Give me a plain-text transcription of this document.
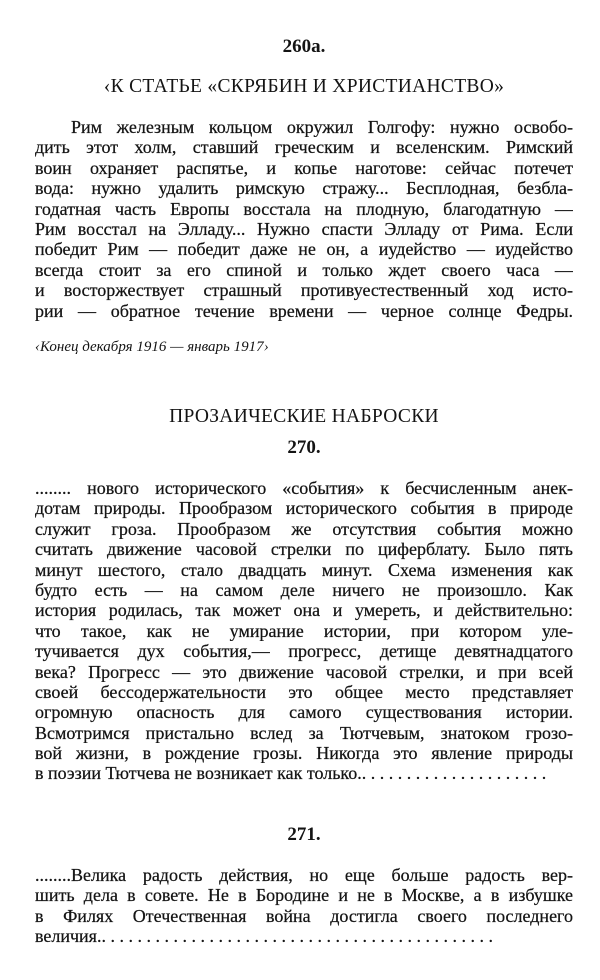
260а.
‹К СТАТЬЕ «СКРЯБИН И ХРИСТИАНСТВО»
Рим железным кольцом окружил Голгофу: нужно освобо-
дить этот холм, ставший греческим и вселенским. Римский
воин охраняет распятье, и копье наготове: сейчас потечет
вода: нужно удалить римскую стражу... Бесплодная, безбла-
годатная часть Европы восстала на плодную, благодатную —
Рим восстал на Элладу... Нужно спасти Элладу от Рима. Если
победит Рим — победит даже не он, а иудейство — иудейство
всегда стоит за его спиной и только ждет своего часа —
и восторжествует страшный противуестественный ход исто-
рии — обратное течение времени — черное солнце Федры.
‹Конец декабря 1916 — январь 1917›
ПРОЗАИЧЕСКИЕ НАБРОСКИ
270.
........ нового исторического «события» к бесчисленным анек-
дотам природы. Прообразом исторического события в природе
служит гроза. Прообразом же отсутствия события можно
считать движение часовой стрелки по циферблату. Было пять
минут шестого, стало двадцать минут. Схема изменения как
будто есть — на самом деле ничего не произошло. Как
история родилась, так может она и умереть, и действительно:
что такое, как не умирание истории, при котором уле-
тучивается дух события,— прогресс, детище девятнадцатого
века? Прогресс — это движение часовой стрелки, и при всей
своей бессодержательности это общее место представляет
огромную опасность для самого существования истории.
Всмотримся пристально вслед за Тютчевым, знатоком грозо-
вой жизни, в рождение грозы. Никогда это явление природы
в поэзии Тютчева не возникает как только.. . . . . . . . . . . . . . . . . . . . .
271.
........Велика радость действия, но еще больше радость вер-
шить дела в совете. Не в Бородине и не в Москве, а в избушке
в Филях Отечественная война достигла своего последнего
величия.. . . . . . . . . . . . . . . . . . . . . . . . . . . . . . . . . . . . . . . . . . . .
